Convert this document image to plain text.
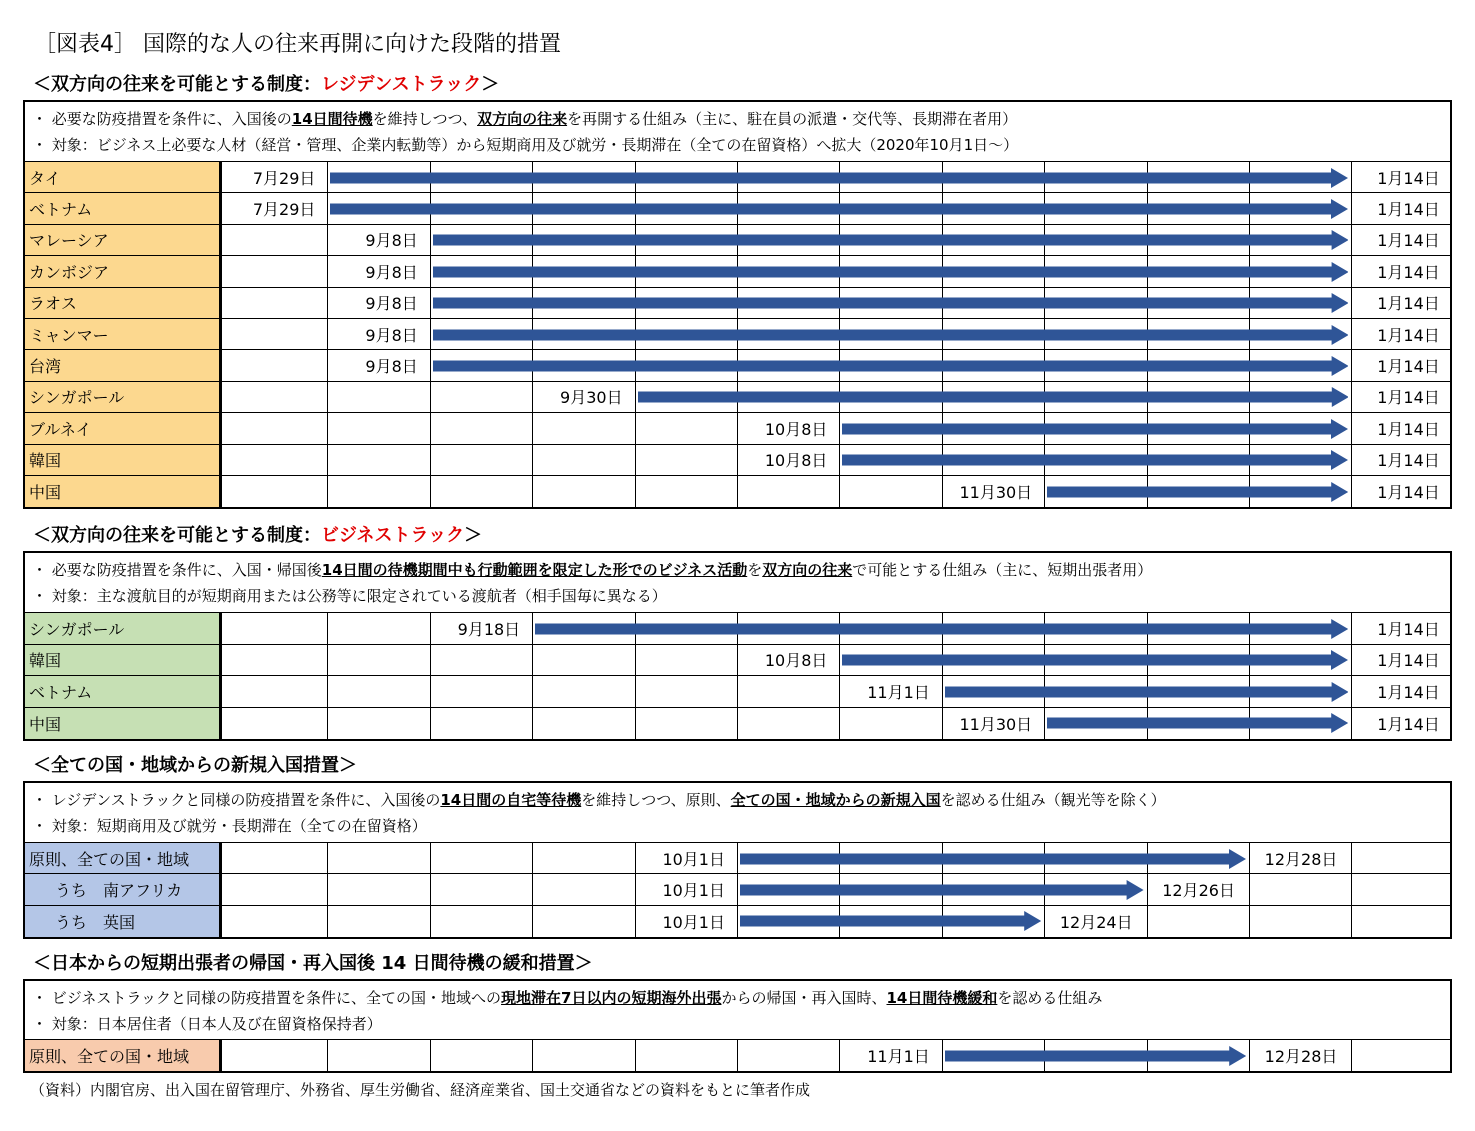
［図表4］ 国際的な人の往来再開に向けた段階的措置
＜双方向の往来を可能とする制度：レジデンストラック＞
・ 必要な防疫措置を条件に、入国後の14日間待機を維持しつつ、双方向の往来を再開する仕組み（主に、駐在員の派遣・交代等、長期滞在者用）
・ 対象：ビジネス上必要な人材（経営・管理、企業内転勤等）から短期商用及び就労・長期滞在（全ての在留資格）へ拡大（2020年10月1日～）
タイ	7月29日	1月14日
ベトナム	7月29日	1月14日
マレーシア	9月8日	1月14日
カンボジア	9月8日	1月14日
ラオス	9月8日	1月14日
ミャンマー	9月8日	1月14日
台湾	9月8日	1月14日
シンガポール	9月30日	1月14日
ブルネイ	10月8日	1月14日
韓国	10月8日	1月14日
中国	11月30日	1月14日
＜双方向の往来を可能とする制度：ビジネストラック＞
・ 必要な防疫措置を条件に、入国・帰国後14日間の待機期間中も行動範囲を限定した形でのビジネス活動を双方向の往来で可能とする仕組み（主に、短期出張者用）
・ 対象：主な渡航目的が短期商用または公務等に限定されている渡航者（相手国毎に異なる）
シンガポール	9月18日	1月14日
韓国	10月8日	1月14日
ベトナム	11月1日	1月14日
中国	11月30日	1月14日
＜全ての国・地域からの新規入国措置＞
・ レジデンストラックと同様の防疫措置を条件に、入国後の14日間の自宅等待機を維持しつつ、原則、全ての国・地域からの新規入国を認める仕組み（観光等を除く）
・ 対象：短期商用及び就労・長期滞在（全ての在留資格）
原則、全ての国・地域	10月1日	12月28日
うち　南アフリカ	10月1日	12月26日
うち　英国	10月1日	12月24日
＜日本からの短期出張者の帰国・再入国後 14 日間待機の緩和措置＞
・ ビジネストラックと同様の防疫措置を条件に、全ての国・地域への現地滞在7日以内の短期海外出張からの帰国・再入国時、14日間待機緩和を認める仕組み
・ 対象：日本居住者（日本人及び在留資格保持者）
原則、全ての国・地域	11月1日	12月28日
（資料）内閣官房、出入国在留管理庁、外務省、厚生労働省、経済産業省、国土交通省などの資料をもとに筆者作成
